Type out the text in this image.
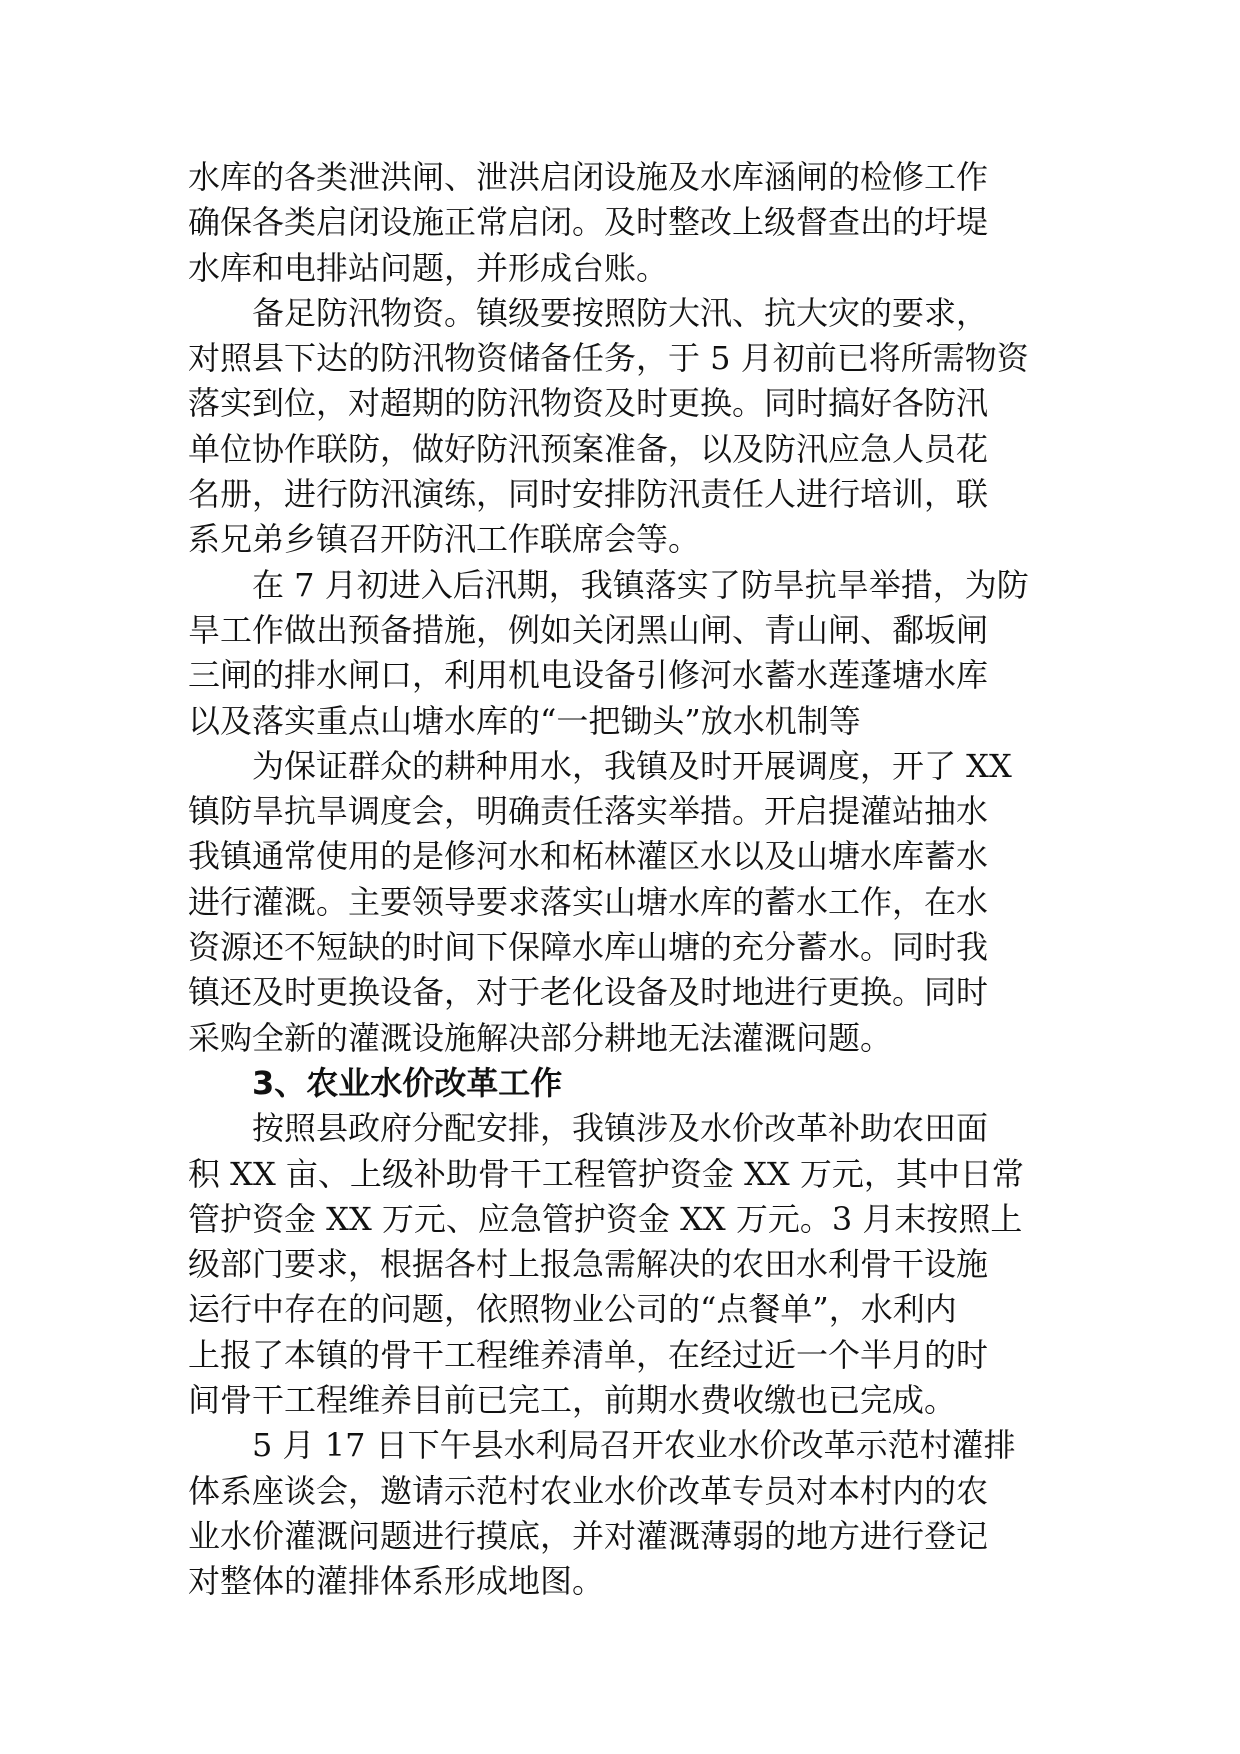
水库的各类泄洪闸、泄洪启闭设施及水库涵闸的检修工作
确保各类启闭设施正常启闭。及时整改上级督查出的圩堤
水库和电排站问题，并形成台账。
备足防汛物资。镇级要按照防大汛、抗大灾的要求，
对照县下达的防汛物资储备任务，于 5 月初前已将所需物资
落实到位，对超期的防汛物资及时更换。同时搞好各防汛
单位协作联防，做好防汛预案准备，以及防汛应急人员花
名册，进行防汛演练，同时安排防汛责任人进行培训，联
系兄弟乡镇召开防汛工作联席会等。
在 7 月初进入后汛期，我镇落实了防旱抗旱举措，为防
旱工作做出预备措施，例如关闭黑山闸、青山闸、鄱坂闸
三闸的排水闸口，利用机电设备引修河水蓄水莲蓬塘水库
以及落实重点山塘水库的“一把锄头”放水机制等
为保证群众的耕种用水，我镇及时开展调度，开了 XX
镇防旱抗旱调度会，明确责任落实举措。开启提灌站抽水
我镇通常使用的是修河水和柘林灌区水以及山塘水库蓄水
进行灌溉。主要领导要求落实山塘水库的蓄水工作，在水
资源还不短缺的时间下保障水库山塘的充分蓄水。同时我
镇还及时更换设备，对于老化设备及时地进行更换。同时
采购全新的灌溉设施解决部分耕地无法灌溉问题。
3、农业水价改革工作
按照县政府分配安排，我镇涉及水价改革补助农田面
积 XX 亩、上级补助骨干工程管护资金 XX 万元，其中日常
管护资金 XX 万元、应急管护资金 XX 万元。3 月末按照上
级部门要求，根据各村上报急需解决的农田水利骨干设施
运行中存在的问题，依照物业公司的“点餐单”，水利内
上报了本镇的骨干工程维养清单，在经过近一个半月的时
间骨干工程维养目前已完工，前期水费收缴也已完成。
5 月 17 日下午县水利局召开农业水价改革示范村灌排
体系座谈会，邀请示范村农业水价改革专员对本村内的农
业水价灌溉问题进行摸底，并对灌溉薄弱的地方进行登记
对整体的灌排体系形成地图。
